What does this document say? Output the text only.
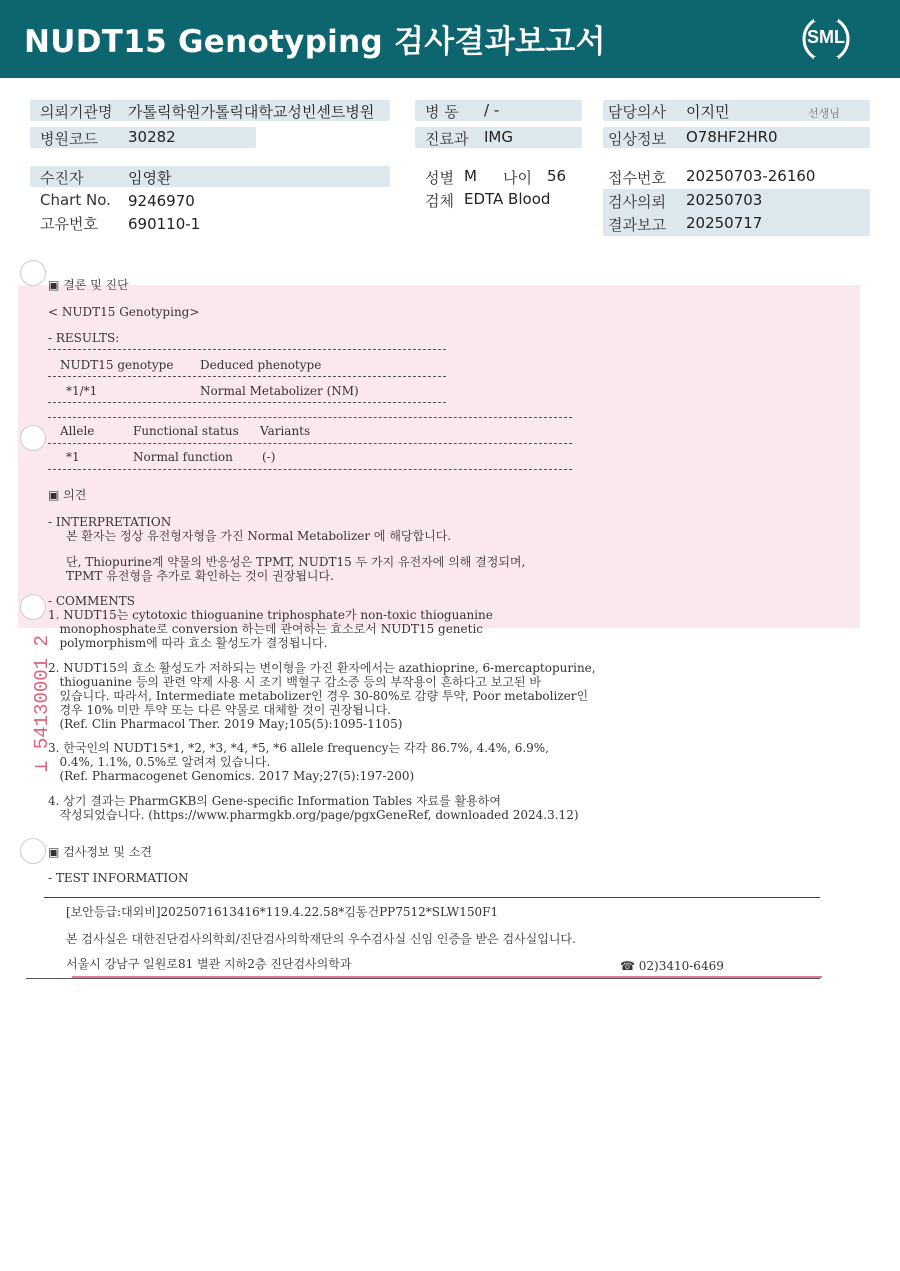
NUDT15 Genotyping 검사결과보고서	SML
의뢰기관명 가톨릭학원가톨릭대학교성빈센트병원
병원코드 30282
병 동 / -
진료과 IMG
담당의사 이지민	선생님
임상정보 O78HF2HR0
수진자	임영환
Chart No. 9246970
고유번호 690110-1
성별 M 나이 56
검체 EDTA Blood
접수번호 20250703-26160
검사의뢰 20250703
결과보고 20250717
▣ 결론 및 진단
< NUDT15 Genotyping>
- RESULTS:
NUDT15 genotype Deduced phenotype
*1/*1	Normal Metabolizer (NM)
Allele	Functional status Variants
*1	Normal function (-)
▣ 의견
- INTERPRETATION
본 환자는 정상 유전형자형을 가진 Normal Metabolizer 에 해당합니다.
단, Thiopurine계 약물의 반응성은 TPMT, NUDT15 두 가지 유전자에 의해 결정되며,
TPMT 유전형을 추가로 확인하는 것이 권장됩니다.
- COMMENTS
1. NUDT15는 cytotoxic thioguanine triphosphate가 non-toxic thioguanine
monophosphate로 conversion 하는데 관여하는 효소로서 NUDT15 genetic
polymorphism에 따라 효소 활성도가 결정됩니다.
2. NUDT15의 효소 활성도가 저하되는 변이형을 가진 환자에서는 azathioprine, 6-mercaptopurine,
thioguanine 등의 관련 약제 사용 시 조기 백혈구 감소증 등의 부작용이 흔하다고 보고된 바
있습니다. 따라서, Intermediate metabolizer인 경우 30-80%로 감량 투약, Poor metabolizer인
경우 10% 미만 투약 또는 다른 약물로 대체할 것이 권장됩니다.
(Ref. Clin Pharmacol Ther. 2019 May;105(5):1095-1105)
3. 한국인의 NUDT15*1, *2, *3, *4, *5, *6 allele frequency는 각각 86.7%, 4.4%, 6.9%,
0.4%, 1.1%, 0.5%로 알려져 있습니다.
(Ref. Pharmacogenet Genomics. 2017 May;27(5):197-200)
4. 상기 결과는 PharmGKB의 Gene-specific Information Tables 자료를 활용하여
작성되었습니다. (https://www.pharmgkb.org/page/pgxGeneRef, downloaded 2024.3.12)
▣ 검사정보 및 소견
- TEST INFORMATION
[보안등급:대외비]2025071613416*119.4.22.58*김동건PP7512*SLW150F1
본 검사실은 대한진단검사의학회/진단검사의학재단의 우수검사실 신임 인증을 받은 검사실입니다.
서울시 강남구 일원로81 별관 지하2층 진단검사의학과	☎ 02)3410-6469
⊥ 54130001 2
